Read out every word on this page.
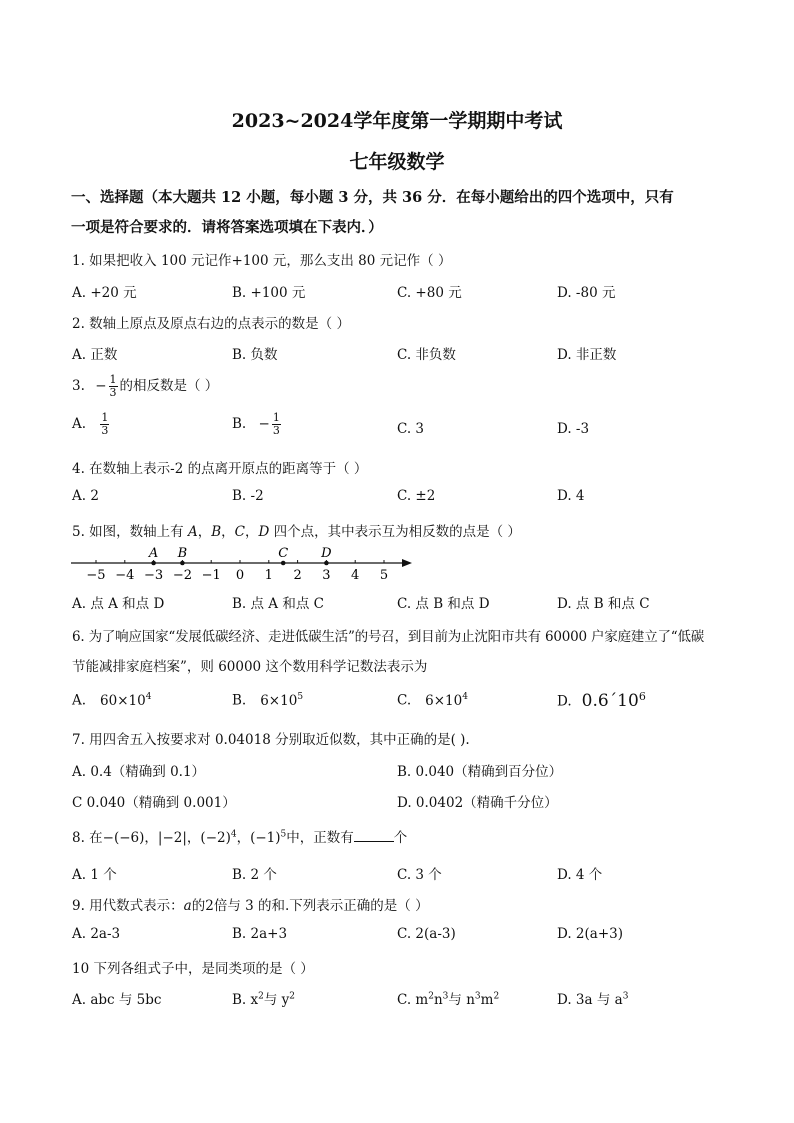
2023~2024学年度第一学期期中考试
七年级数学
一、选择题（本大题共 12 小题，每小题 3 分，共 36 分．在每小题给出的四个选项中，只有
一项是符合要求的．请将答案选项填在下表内．）
1. 如果把收入 100 元记作+100 元，那么支出 80 元记作（ ）
A. +20 元	B. +100 元	C. +80 元	D. -80 元
2. 数轴上原点及原点右边的点表示的数是（ ）
A. 正数	B. 负数	C. 非负数	D. 非正数
3. − $\frac{1}{3}$ 的相反数是（ ）
A. $\frac{1}{3}$	B. − $\frac{1}{3}$	C. 3	D. -3
4. 在数轴上表示-2 的点离开原点的距离等于（ ）
A. 2	B. -2	C. ±2	D. 4
5. 如图，数轴上有 A，B，C，D 四个点，其中表示互为相反数的点是（ ）
−5 −4 −3 −2 −1 0 1 2 3 4 5
A B	C	D
A. 点 A 和点 D	B. 点 A 和点 C	C. 点 B 和点 D	D. 点 B 和点 C
6. 为了响应国家“发展低碳经济、走进低碳生活”的号召，到目前为止沈阳市共有 60000 户家庭建立了“低碳
节能减排家庭档案”，则 60000 这个数用科学记数法表示为
A. $60\times 10^4$	B. $6\times 10^5$	C. $6\times 10^4$	D. $0.6´10^6$
7. 用四舍五入按要求对 0.04018 分别取近似数，其中正确的是( ).
A. 0.4（精确到 0.1）	B. 0.040（精确到百分位）
C 0.040（精确到 0.001）	D. 0.0402（精确千分位）
8. 在−(−6)，|−2|，$(-2)^4$，$(-1)^5$中，正数有	个
A. 1 个	B. 2 个	C. 3 个	D. 4 个
9. 用代数式表示：a的2倍与 3 的和.下列表示正确的是（ ）
A. 2a-3	B. 2a+3	C. 2(a-3)	D. 2(a+3)
10 下列各组式子中，是同类项的是（ ）
A. abc 与 5bc	B. $x^2$与 $y^2$	C. $m^2n^3$与 $n^3m^2$	D. 3a 与 $a^3$
